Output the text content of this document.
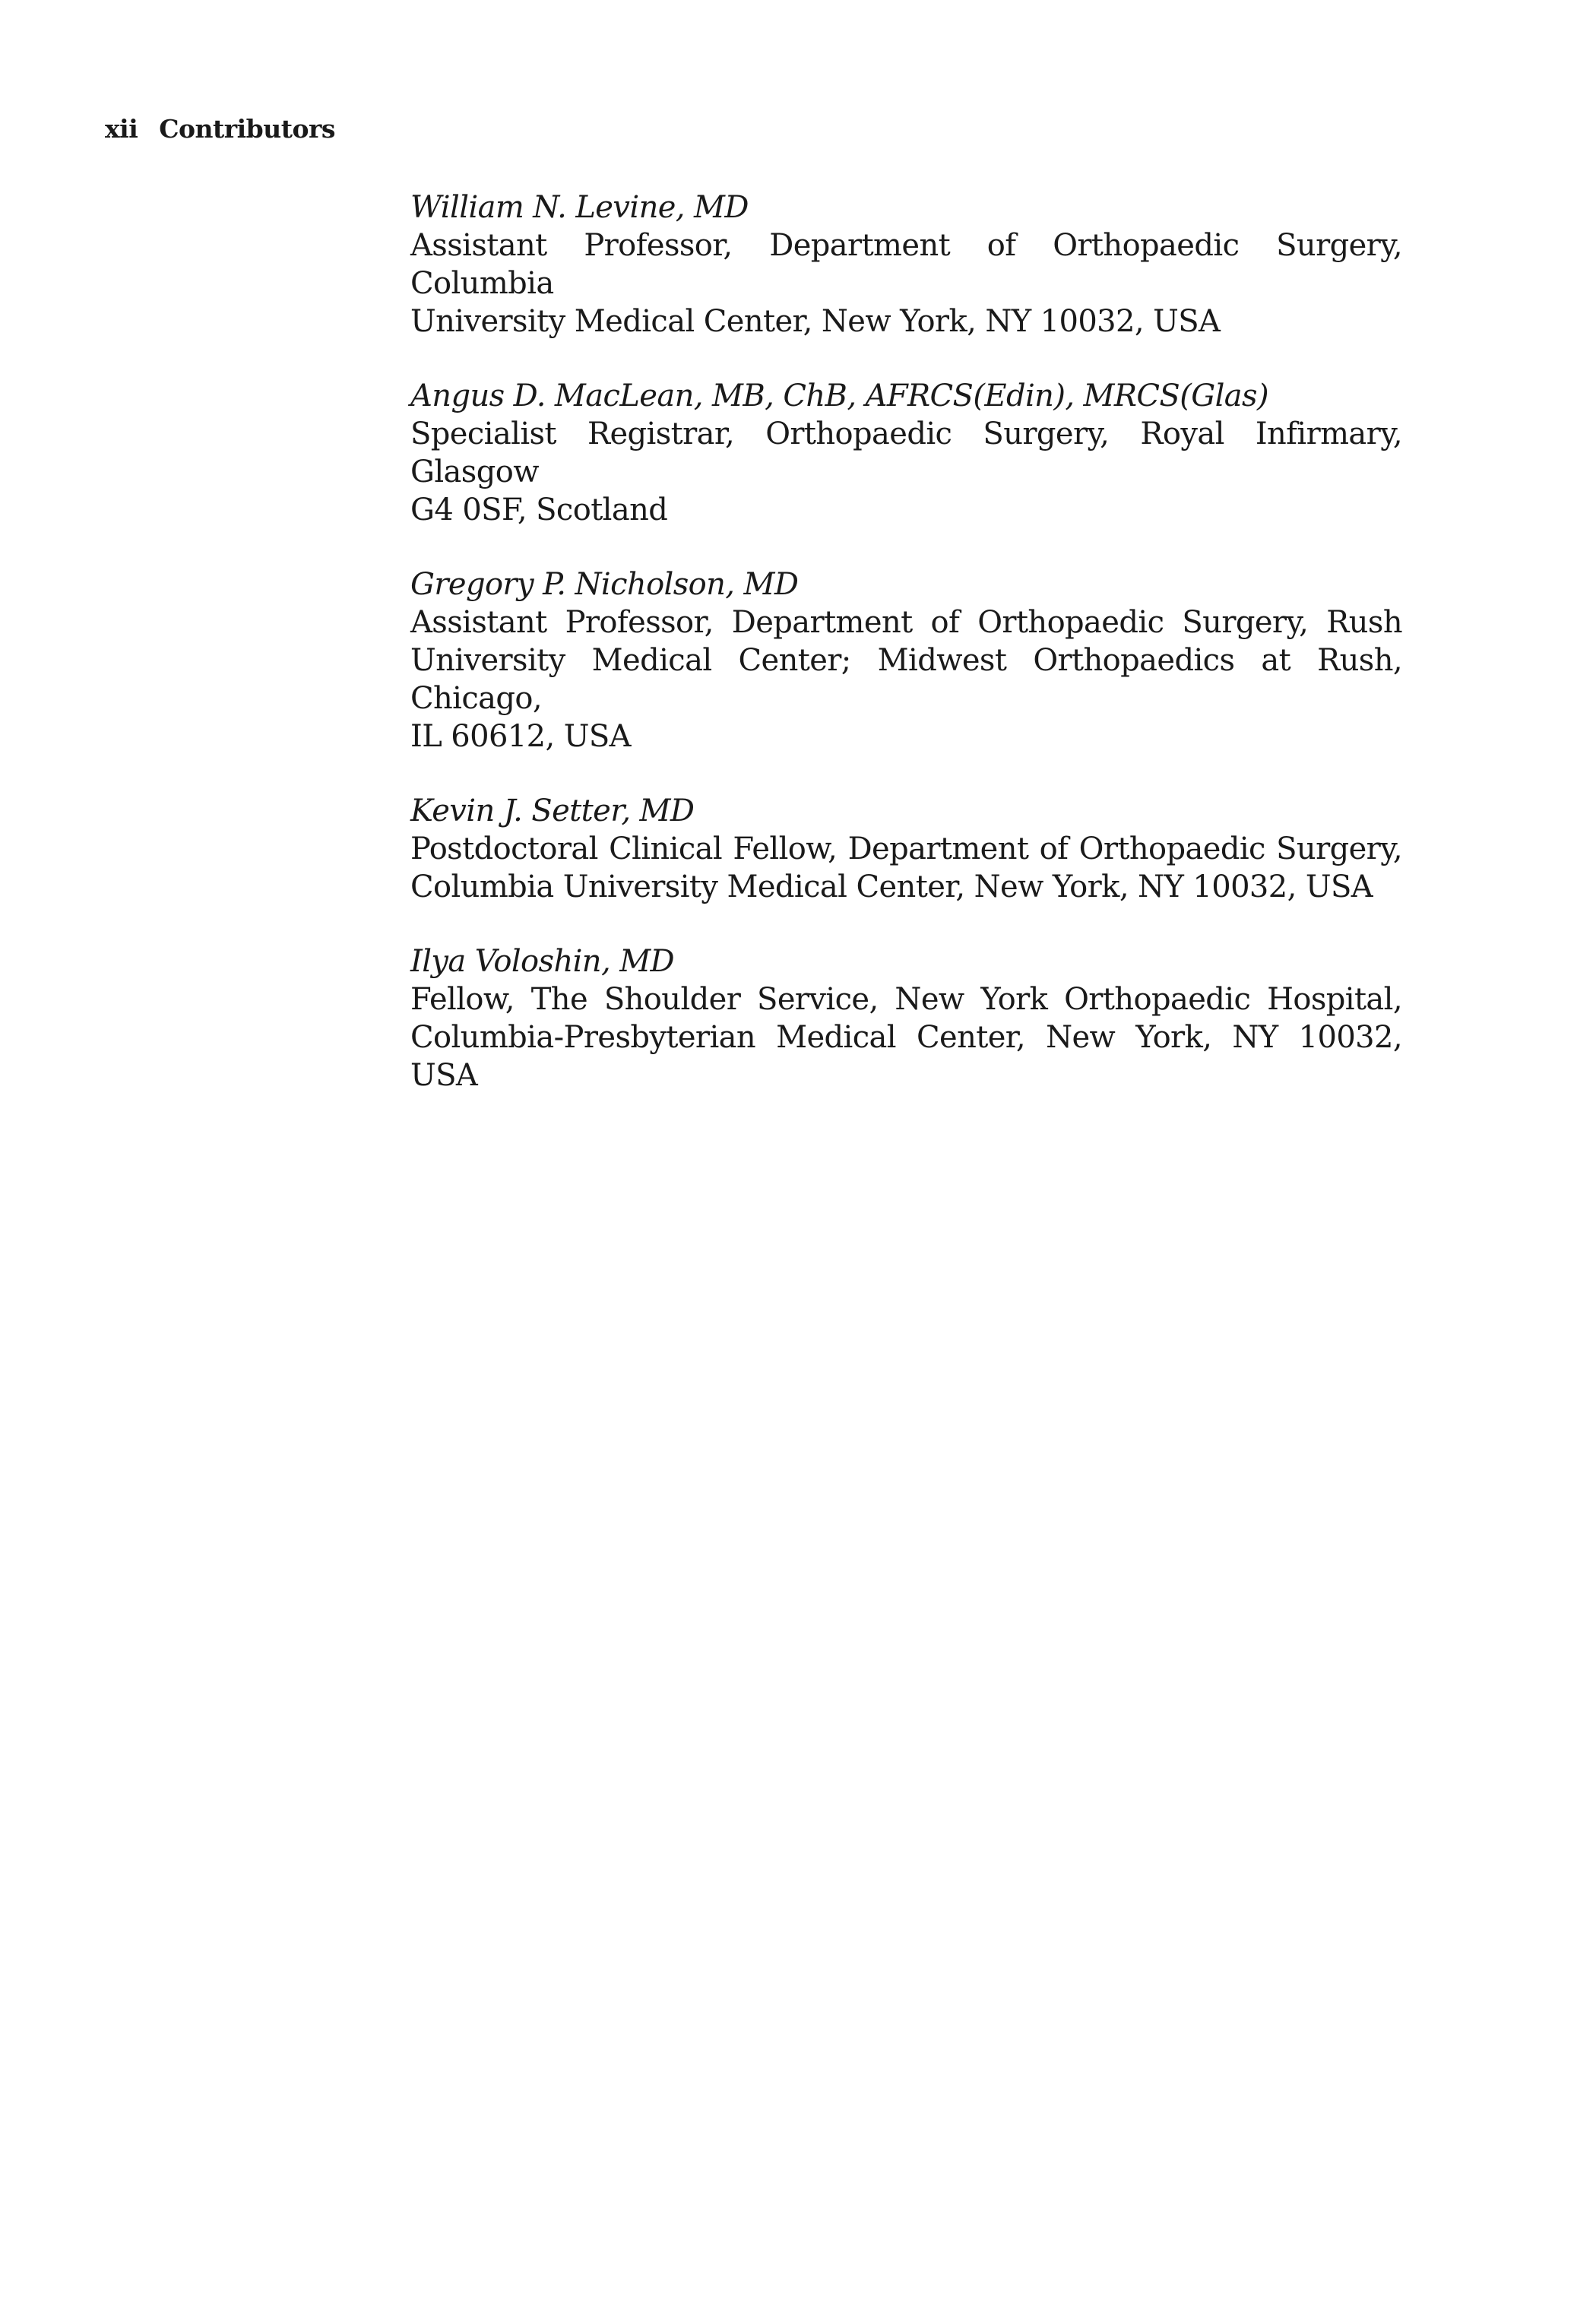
xii Contributors
William N. Levine, MD
Assistant Professor, Department of Orthopaedic Surgery, Columbia
University Medical Center, New York, NY 10032, USA
Angus D. MacLean, MB, ChB, AFRCS(Edin), MRCS(Glas)
Specialist Registrar, Orthopaedic Surgery, Royal Infirmary, Glasgow
G4 0SF, Scotland
Gregory P. Nicholson, MD
Assistant Professor, Department of Orthopaedic Surgery, Rush
University Medical Center; Midwest Orthopaedics at Rush, Chicago,
IL 60612, USA
Kevin J. Setter, MD
Postdoctoral Clinical Fellow, Department of Orthopaedic Surgery,
Columbia University Medical Center, New York, NY 10032, USA
Ilya Voloshin, MD
Fellow, The Shoulder Service, New York Orthopaedic Hospital,
Columbia-Presbyterian Medical Center, New York, NY 10032, USA
